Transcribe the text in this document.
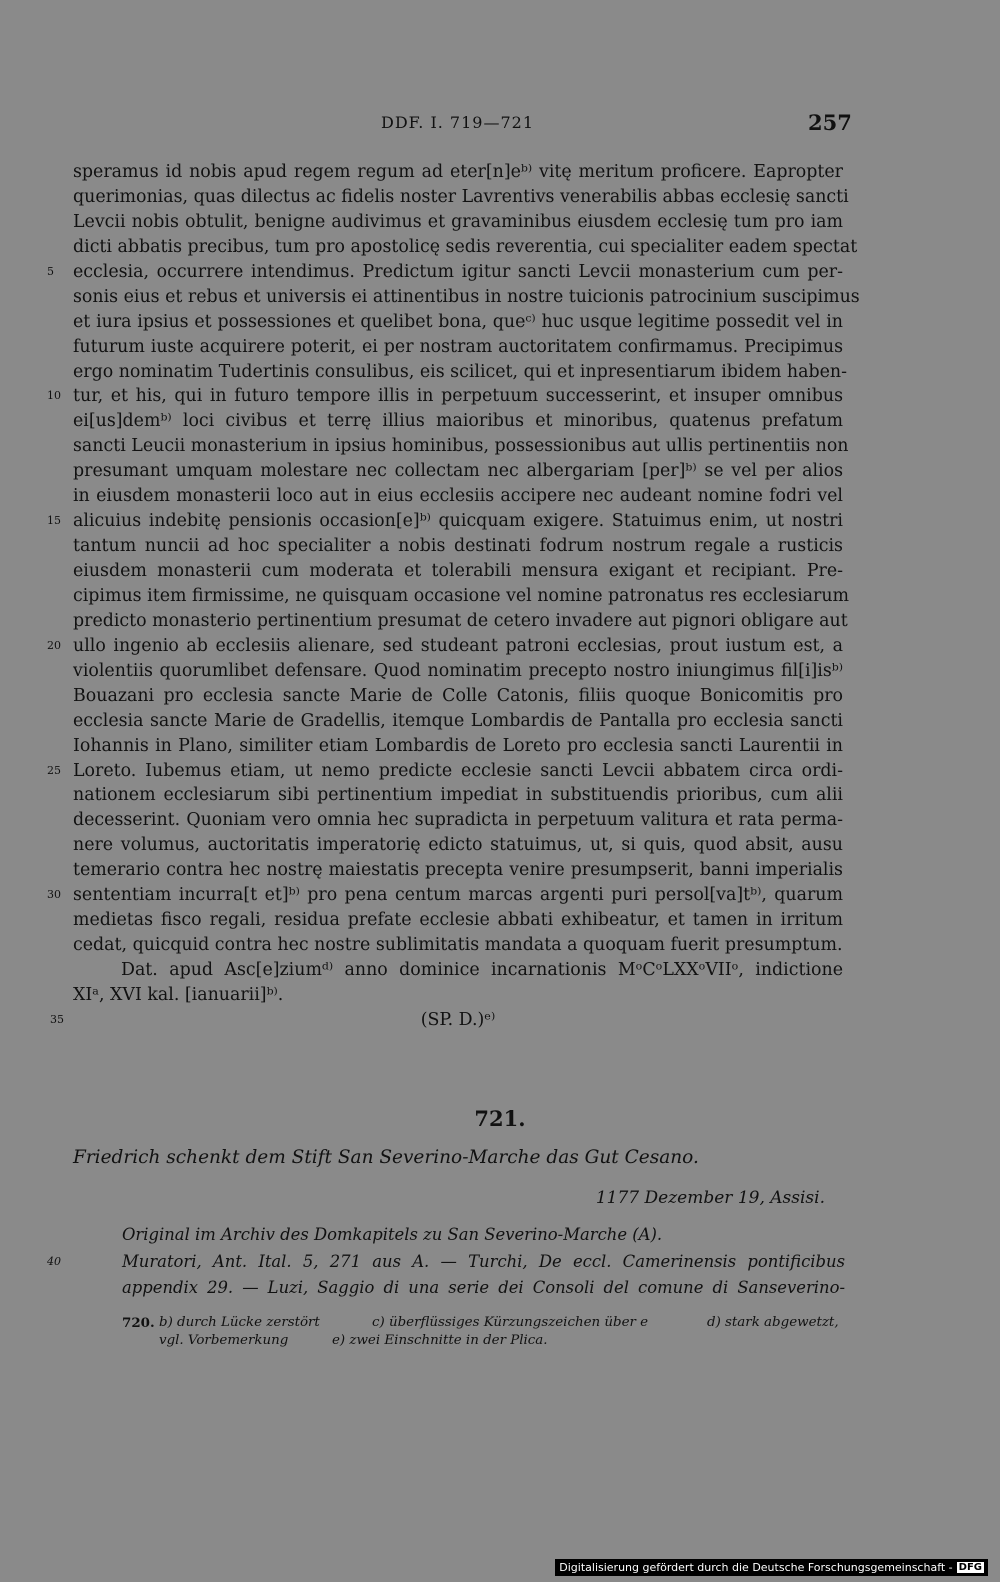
DDF. I. 719—721	257
speramus id nobis apud regem regum ad eter[n]eᵇ⁾ vitę meritum proficere. Eapropter
querimonias, quas dilectus ac fidelis noster Lavrentivs venerabilis abbas ecclesię sancti
Levcii nobis obtulit, benigne audivimus et gravaminibus eiusdem ecclesię tum pro iam
dicti abbatis precibus, tum pro apostolicę sedis reverentia, cui specialiter eadem spectat
5	ecclesia, occurrere intendimus. Predictum igitur sancti Levcii monasterium cum per-
sonis eius et rebus et universis ei attinentibus in nostre tuicionis patrocinium suscipimus
et iura ipsius et possessiones et quelibet bona, queᶜ⁾ huc usque legitime possedit vel in
futurum iuste acquirere poterit, ei per nostram auctoritatem confirmamus. Precipimus
ergo nominatim Tudertinis consulibus, eis scilicet, qui et inpresentiarum ibidem haben-
10 tur, et his, qui in futuro tempore illis in perpetuum successerint, et insuper omnibus
ei[us]demᵇ⁾ loci civibus et terrę illius maioribus et minoribus, quatenus prefatum
sancti Leucii monasterium in ipsius hominibus, possessionibus aut ullis pertinentiis non
presumant umquam molestare nec collectam nec albergariam [per]ᵇ⁾ se vel per alios
in eiusdem monasterii loco aut in eius ecclesiis accipere nec audeant nomine fodri vel
15 alicuius indebitę pensionis occasion[e]ᵇ⁾ quicquam exigere. Statuimus enim, ut nostri
tantum nuncii ad hoc specialiter a nobis destinati fodrum nostrum regale a rusticis
eiusdem monasterii cum moderata et tolerabili mensura exigant et recipiant. Pre-
cipimus item firmissime, ne quisquam occasione vel nomine patronatus res ecclesiarum
predicto monasterio pertinentium presumat de cetero invadere aut pignori obligare aut
20 ullo ingenio ab ecclesiis alienare, sed studeant patroni ecclesias, prout iustum est, a
violentiis quorumlibet defensare. Quod nominatim precepto nostro iniungimus fil[i]isᵇ⁾
Bouazani pro ecclesia sancte Marie de Colle Catonis, filiis quoque Bonicomitis pro
ecclesia sancte Marie de Gradellis, itemque Lombardis de Pantalla pro ecclesia sancti
Iohannis in Plano, similiter etiam Lombardis de Loreto pro ecclesia sancti Laurentii in
25 Loreto. Iubemus etiam, ut nemo predicte ecclesie sancti Levcii abbatem circa ordi-
nationem ecclesiarum sibi pertinentium impediat in substituendis prioribus, cum alii
decesserint. Quoniam vero omnia hec supradicta in perpetuum valitura et rata perma-
nere volumus, auctoritatis imperatorię edicto statuimus, ut, si quis, quod absit, ausu
temerario contra hec nostrę maiestatis precepta venire presumpserit, banni imperialis
30 sententiam incurra[t et]ᵇ⁾ pro pena centum marcas argenti puri persol[va]tᵇ⁾, quarum
medietas fisco regali, residua prefate ecclesie abbati exhibeatur, et tamen in irritum
cedat, quicquid contra hec nostre sublimitatis mandata a quoquam fuerit presumptum.
Dat. apud Asc[e]ziumᵈ⁾ anno dominice incarnationis MᵒCᵒLXXᵒVIIᵒ, indictione
XIᵃ, XVI kal. [ianuarii]ᵇ⁾.
35	(SP. D.)ᵉ⁾
721.
Friedrich schenkt dem Stift San Severino-Marche das Gut Cesano.
1177 Dezember 19, Assisi.
Original im Archiv des Domkapitels zu San Severino-Marche (A).
40	Muratori, Ant. Ital. 5, 271 aus A. — Turchi, De eccl. Camerinensis pontificibus
appendix 29. — Luzi, Saggio di una serie dei Consoli del comune di Sanseverino-
720. b) durch Lücke zerstört	c) überflüssiges Kürzungszeichen über e	d) stark abgewetzt,
vgl. Vorbemerkung	e) zwei Einschnitte in der Plica.
Digitalisierung gefördert durch die Deutsche Forschungsgemeinschaft - DFG
